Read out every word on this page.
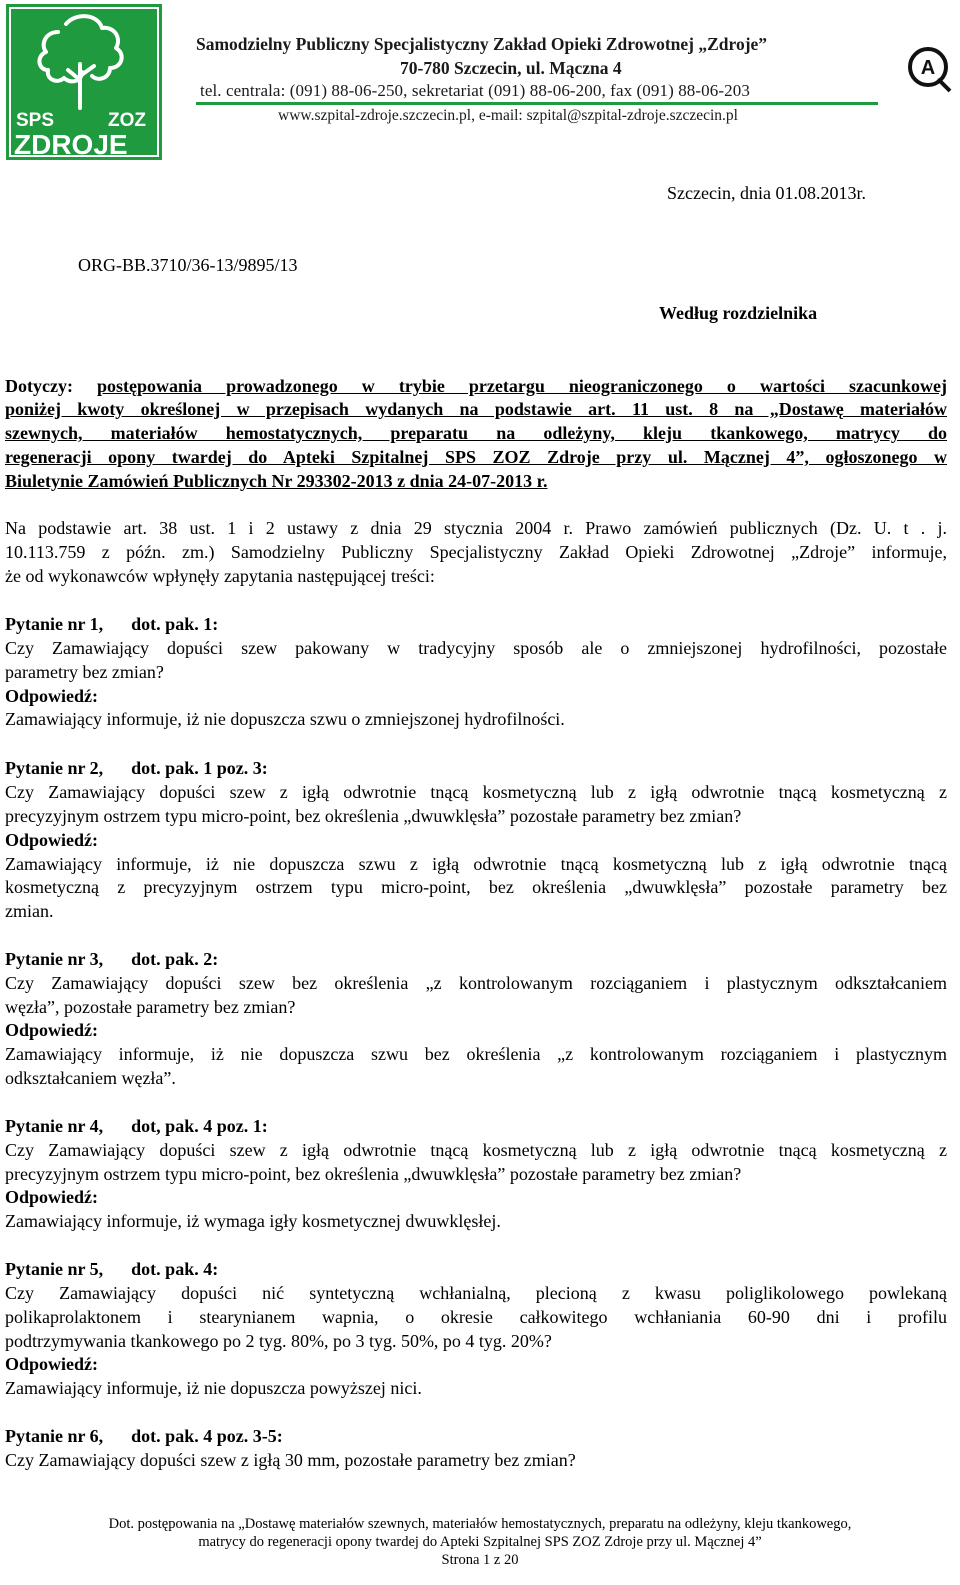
SPS	ZOZ
ZDROJE
Samodzielny Publiczny Specjalistyczny Zakład Opieki Zdrowotnej „Zdroje”
70-780 Szczecin, ul. Mączna 4
tel. centrala: (091) 88-06-250, sekretariat (091) 88-06-200, fax (091) 88-06-203
www.szpital-zdroje.szczecin.pl, e-mail: szpital@szpital-zdroje.szczecin.pl
A
Szczecin, dnia 01.08.2013r.
ORG-BB.3710/36-13/9895/13
Według rozdzielnika
Dotyczy: postępowania prowadzonego w trybie przetargu nieograniczonego o wartości szacunkowej
poniżej kwoty określonej w przepisach wydanych na podstawie art. 11 ust. 8 na „Dostawę materiałów
szewnych, materiałów hemostatycznych, preparatu na odleżyny, kleju tkankowego, matrycy do
regeneracji opony twardej do Apteki Szpitalnej SPS ZOZ Zdroje przy ul. Mącznej 4”, ogłoszonego w
Biuletynie Zamówień Publicznych Nr 293302-2013 z dnia 24-07-2013 r.
Na podstawie art. 38 ust. 1 i 2 ustawy z dnia 29 stycznia 2004 r. Prawo zamówień publicznych (Dz. U. t . j.
10.113.759 z późn. zm.) Samodzielny Publiczny Specjalistyczny Zakład Opieki Zdrowotnej „Zdroje” informuje,
że od wykonawców wpłynęły zapytania następującej treści:
Pytanie nr 1, dot. pak. 1:
Czy Zamawiający dopuści szew pakowany w tradycyjny sposób ale o zmniejszonej hydrofilności, pozostałe
parametry bez zmian?
Odpowiedź:
Zamawiający informuje, iż nie dopuszcza szwu o zmniejszonej hydrofilności.
Pytanie nr 2, dot. pak. 1 poz. 3:
Czy Zamawiający dopuści szew z igłą odwrotnie tnącą kosmetyczną lub z igłą odwrotnie tnącą kosmetyczną z
precyzyjnym ostrzem typu micro-point, bez określenia „dwuwklęsła” pozostałe parametry bez zmian?
Odpowiedź:
Zamawiający informuje, iż nie dopuszcza szwu z igłą odwrotnie tnącą kosmetyczną lub z igłą odwrotnie tnącą
kosmetyczną z precyzyjnym ostrzem typu micro-point, bez określenia „dwuwklęsła” pozostałe parametry bez
zmian.
Pytanie nr 3, dot. pak. 2:
Czy Zamawiający dopuści szew bez określenia „z kontrolowanym rozciąganiem i plastycznym odkształcaniem
węzła”, pozostałe parametry bez zmian?
Odpowiedź:
Zamawiający informuje, iż nie dopuszcza szwu bez określenia „z kontrolowanym rozciąganiem i plastycznym
odkształcaniem węzła”.
Pytanie nr 4, dot, pak. 4 poz. 1:
Czy Zamawiający dopuści szew z igłą odwrotnie tnącą kosmetyczną lub z igłą odwrotnie tnącą kosmetyczną z
precyzyjnym ostrzem typu micro-point, bez określenia „dwuwklęsła” pozostałe parametry bez zmian?
Odpowiedź:
Zamawiający informuje, iż wymaga igły kosmetycznej dwuwklęsłej.
Pytanie nr 5, dot. pak. 4:
Czy Zamawiający dopuści nić syntetyczną wchłanialną, plecioną z kwasu poliglikolowego powlekaną
polikaprolaktonem i stearynianem wapnia, o okresie całkowitego wchłaniania 60-90 dni i profilu
podtrzymywania tkankowego po 2 tyg. 80%, po 3 tyg. 50%, po 4 tyg. 20%?
Odpowiedź:
Zamawiający informuje, iż nie dopuszcza powyższej nici.
Pytanie nr 6, dot. pak. 4 poz. 3-5:
Czy Zamawiający dopuści szew z igłą 30 mm, pozostałe parametry bez zmian?
Dot. postępowania na „Dostawę materiałów szewnych, materiałów hemostatycznych, preparatu na odleżyny, kleju tkankowego,
matrycy do regeneracji opony twardej do Apteki Szpitalnej SPS ZOZ Zdroje przy ul. Mącznej 4”
Strona 1 z 20
